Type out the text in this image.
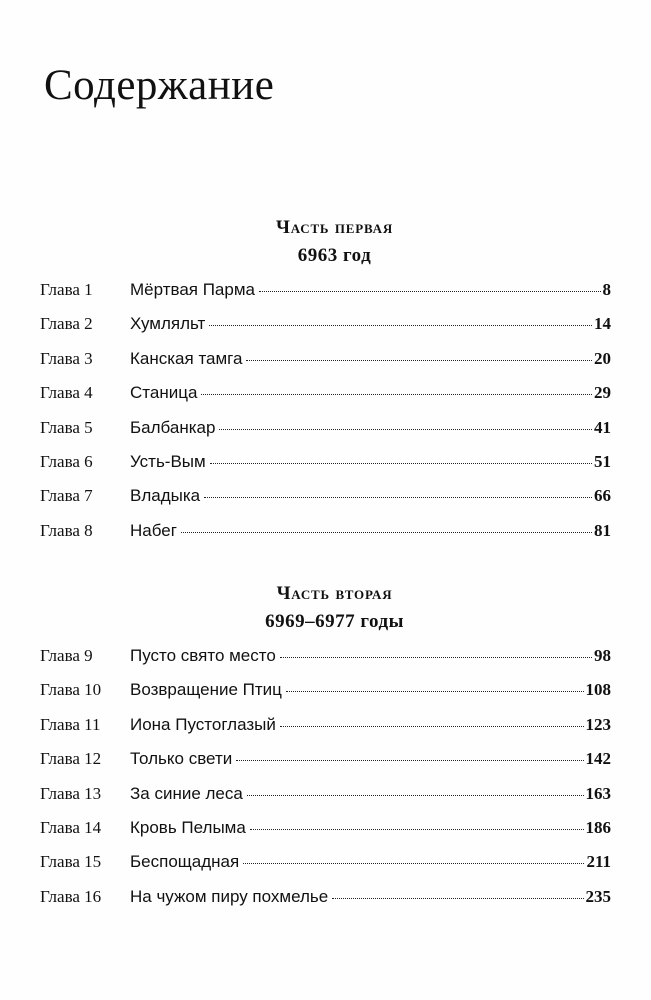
Содержание
Часть первая
6963 год
Глава 1 Мёртвая Парма	8
Глава 2 Хумляльт	14
Глава 3 Канская тамга	20
Глава 4 Станица	29
Глава 5 Балбанкар	41
Глава 6 Усть-Вым	51
Глава 7 Владыка	66
Глава 8 Набег	81
Часть вторая
6969–6977 годы
Глава 9 Пусто свято место	98
Глава 10 Возвращение Птиц	108
Глава 11 Иона Пустоглазый	123
Глава 12 Только свети	142
Глава 13 За синие леса	163
Глава 14 Кровь Пелыма	186
Глава 15 Беспощадная	211
Глава 16 На чужом пиру похмелье	235
